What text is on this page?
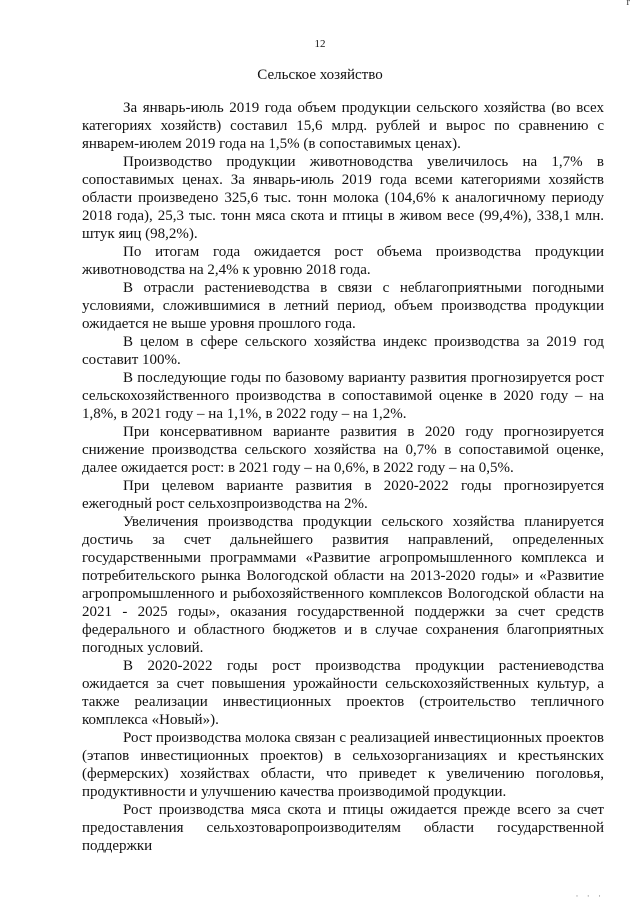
r
12
Сельское хозяйство

За январь-июль 2019 года объем продукции сельского хозяйства (во всех категориях хозяйств) составил 15,6 млрд. рублей и вырос по сравнению с январем-июлем 2019 года на 1,5% (в сопоставимых ценах).

Производство продукции животноводства увеличилось на 1,7% в сопоставимых ценах. За январь-июль 2019 года всеми категориями хозяйств области произведено 325,6 тыс. тонн молока (104,6% к аналогичному периоду 2018 года), 25,3 тыс. тонн мяса скота и птицы в живом весе (99,4%), 338,1 млн. штук яиц (98,2%).

По итогам года ожидается рост объема производства продукции животноводства на 2,4% к уровню 2018 года.

В отрасли растениеводства в связи с неблагоприятными погодными условиями, сложившимися в летний период, объем производства продукции ожидается не выше уровня прошлого года.

В целом в сфере сельского хозяйства индекс производства за 2019 год составит 100%.

В последующие годы по базовому варианту развития прогнозируется рост сельскохозяйственного производства в сопоставимой оценке в 2020 году – на 1,8%, в 2021 году – на 1,1%, в 2022 году – на 1,2%.

При консервативном варианте развития в 2020 году прогнозируется снижение производства сельского хозяйства на 0,7% в сопоставимой оценке, далее ожидается рост: в 2021 году – на 0,6%, в 2022 году – на 0,5%.

При целевом варианте развития в 2020-2022 годы прогнозируется ежегодный рост сельхозпроизводства на 2%.

Увеличения производства продукции сельского хозяйства планируется достичь за счет дальнейшего развития направлений, определенных государственными программами «Развитие агропромышленного комплекса и потребительского рынка Вологодской области на 2013-2020 годы» и «Развитие агропромышленного и рыбохозяйственного комплексов Вологодской области на 2021 - 2025 годы», оказания государственной поддержки за счет средств федерального и областного бюджетов и в случае сохранения благоприятных погодных условий.

В 2020-2022 годы рост производства продукции растениеводства ожидается за счет повышения урожайности сельскохозяйственных культур, а также реализации инвестиционных проектов (строительство тепличного комплекса «Новый»).

Рост производства молока связан с реализацией инвестиционных проектов (этапов инвестиционных проектов) в сельхозорганизациях и крестьянских (фермерских) хозяйствах области, что приведет к увеличению поголовья, продуктивности и улучшению качества производимой продукции.

Рост производства мяса скота и птицы ожидается прежде всего за счет предоставления сельхозтоваропроизводителям области государственной поддержки

· · ·
